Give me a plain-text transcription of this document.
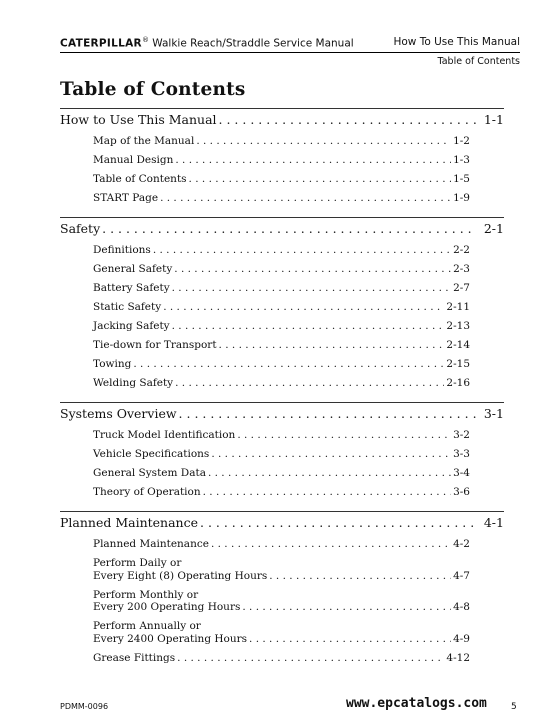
CATERPILLAR® Walkie Reach/Straddle Service Manual	How To Use This Manual
Table of Contents
Table of Contents
How to Use This Manual . . .	1-1
Map of the Manual . . .	1-2
Manual Design . . .	1-3
Table of Contents . . .	1-5
START Page . . .	1-9
Safety . . .	2-1
Definitions . . .	2-2
General Safety . . .	2-3
Battery Safety . . .	2-7
Static Safety . . .	2-11
Jacking Safety . . .	2-13
Tie-down for Transport . . .	2-14
Towing . . .	2-15
Welding Safety . . .	2-16
Systems Overview . . .	3-1
Truck Model Identification . . .	3-2
Vehicle Specifications . . .	3-3
General System Data . . .	3-4
Theory of Operation . . .	3-6
Planned Maintenance . . .	4-1
Planned Maintenance . . .	4-2
Perform Daily or
Every Eight (8) Operating Hours . . .	4-7
Perform Monthly or
Every 200 Operating Hours . . .	4-8
Perform Annually or
Every 2400 Operating Hours . . .	4-9
Grease Fittings . . .	4-12
PDMM-0096	www.epcatalogs.com	5
